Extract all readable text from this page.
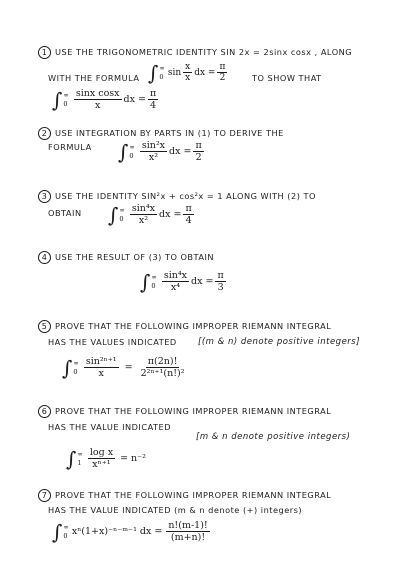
1 USE THE TRIGONOMETRIC IDENTITY SIN 2x = 2sinx cosx , ALONG
WITH THE FORMULA ∫ ∞
0 $\sin \frac{x}{x}$ dx = $\frac{\pi}{2}$	TO SHOW THAT
∫ ∞
$0 \frac{\text{sinx cosx}}{x}$ dx = $\frac{\pi}{4}$
2 USE INTEGRATION BY PARTS IN (1) TO DERIVE THE
FORMULA ∫ ∞
$0 \frac{\text{sin²x}}{\text{x²}}$ dx = $\frac{\pi}{2}$
3 USE THE IDENTITY SIN²x + cos²x = 1 ALONG WITH (2) TO
OBTAIN ∫ ∞
$0 \frac{\text{sin⁴x}}{\text{x²}}$ dx = $\frac{\pi}{4}$
4 USE THE RESULT OF (3) TO OBTAIN
∫ ∞
$0 \frac{\text{sin⁴x}}{\text{x⁴}}$ dx = $\frac{\pi}{3}$
5 PROVE THAT THE FOLLOWING IMPROPER RIEMANN INTEGRAL
HAS THE VALUES INDICATED	[(m & n) denote positive integers]
∫ ∞
$0 \frac{\text{sin²ⁿ⁺¹}}{x} = \frac{\pi(2n)!}{\text{2²ⁿ⁺¹(n!)²}}$
6 PROVE THAT THE FOLLOWING IMPROPER RIEMANN INTEGRAL
HAS THE VALUE INDICATED
[m & n denote positive integers)
∫ ∞
$1 \frac{\text{log x}}{\text{xⁿ⁺¹}} = n^{-2}$
7 PROVE THAT THE FOLLOWING IMPROPER RIEMANN INTEGRAL
HAS THE VALUE INDICATED (m & n denote (+) integers)
∫ ∞
0 xⁿ(1+x)⁻ⁿ⁻ᵐ⁻¹ dx = $\frac{n!(m-1)!}{(m+n)!}$
